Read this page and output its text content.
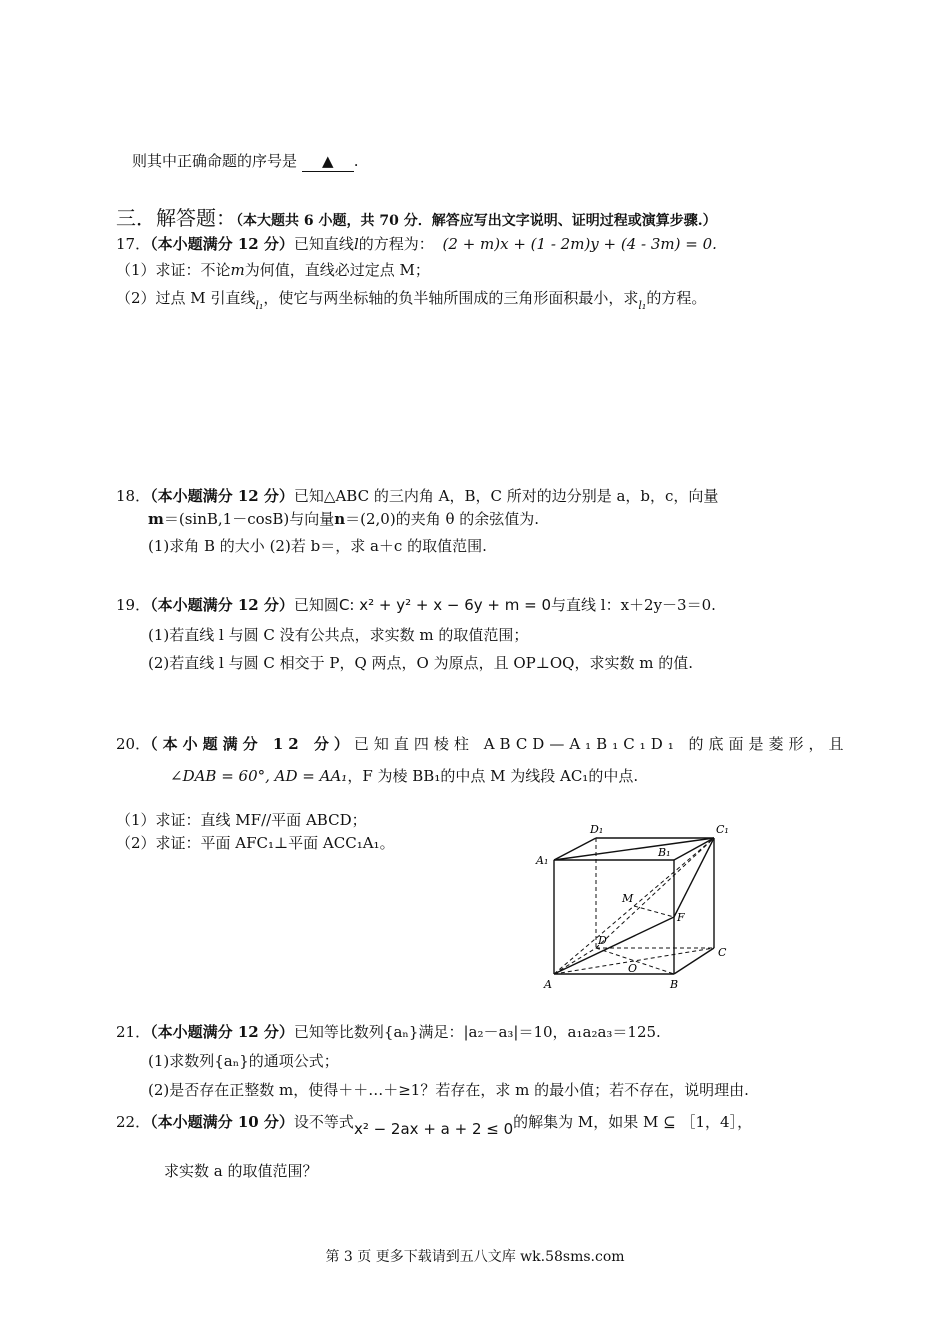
则其中正确命题的序号是 ▲ .
三．解答题：（本大题共 6 小题，共 70 分．解答应写出文字说明、证明过程或演算步骤.）
17．（本小题满分 12 分）已知直线l的方程为： (2 + m)x + (1 - 2m)y + (4 - 3m) = 0.
（1）求证：不论m为何值，直线必过定点 M；
（2）过点 M 引直线$_{l_1}$，使它与两坐标轴的负半轴所围成的三角形面积最小，求$_{l_1}$的方程。
18．（本小题满分 12 分）已知△ABC 的三内角 A，B，C 所对的边分别是 a，b，c，向量
m＝(sinB,1－cosB)与向量n＝(2,0)的夹角 θ 的余弦值为.
(1)求角 B 的大小 (2)若 b＝，求 a＋c 的取值范围.
19．（本小题满分 12 分）已知圆C: x² + y² + x − 6y + m = 0与直线 l：x＋2y－3＝0.
(1)若直线 l 与圆 C 没有公共点，求实数 m 的取值范围；
(2)若直线 l 与圆 C 相交于 P，Q 两点，O 为原点，且 OP⊥OQ，求实数 m 的值.
20．（本小题满分 12 分）已知直四棱柱 ABCD—A₁B₁C₁D₁ 的底面是菱形，且
∠DAB = 60°, AD = AA₁，F 为棱 BB₁的中点 M 为线段 AC₁的中点.
（1）求证：直线 MF//平面 ABCD；
（2）求证：平面 AFC₁⊥平面 ACC₁A₁。
D₁	C₁
A₁
B₁
M
F
D
C
O
A	B
21．（本小题满分 12 分）已知等比数列{aₙ}满足：|a₂－a₃|＝10，a₁a₂a₃＝125.
(1)求数列{aₙ}的通项公式；
(2)是否存在正整数 m，使得＋＋…＋≥1？若存在，求 m 的最小值；若不存在，说明理由.
22．（本小题满分 10 分）设不等式x² − 2ax + a + 2 ≤ 0的解集为 M，如果 M ⊆ ［1，4］，
求实数 a 的取值范围？
第 3 页 更多下载请到五八文库 wk.58sms.com
